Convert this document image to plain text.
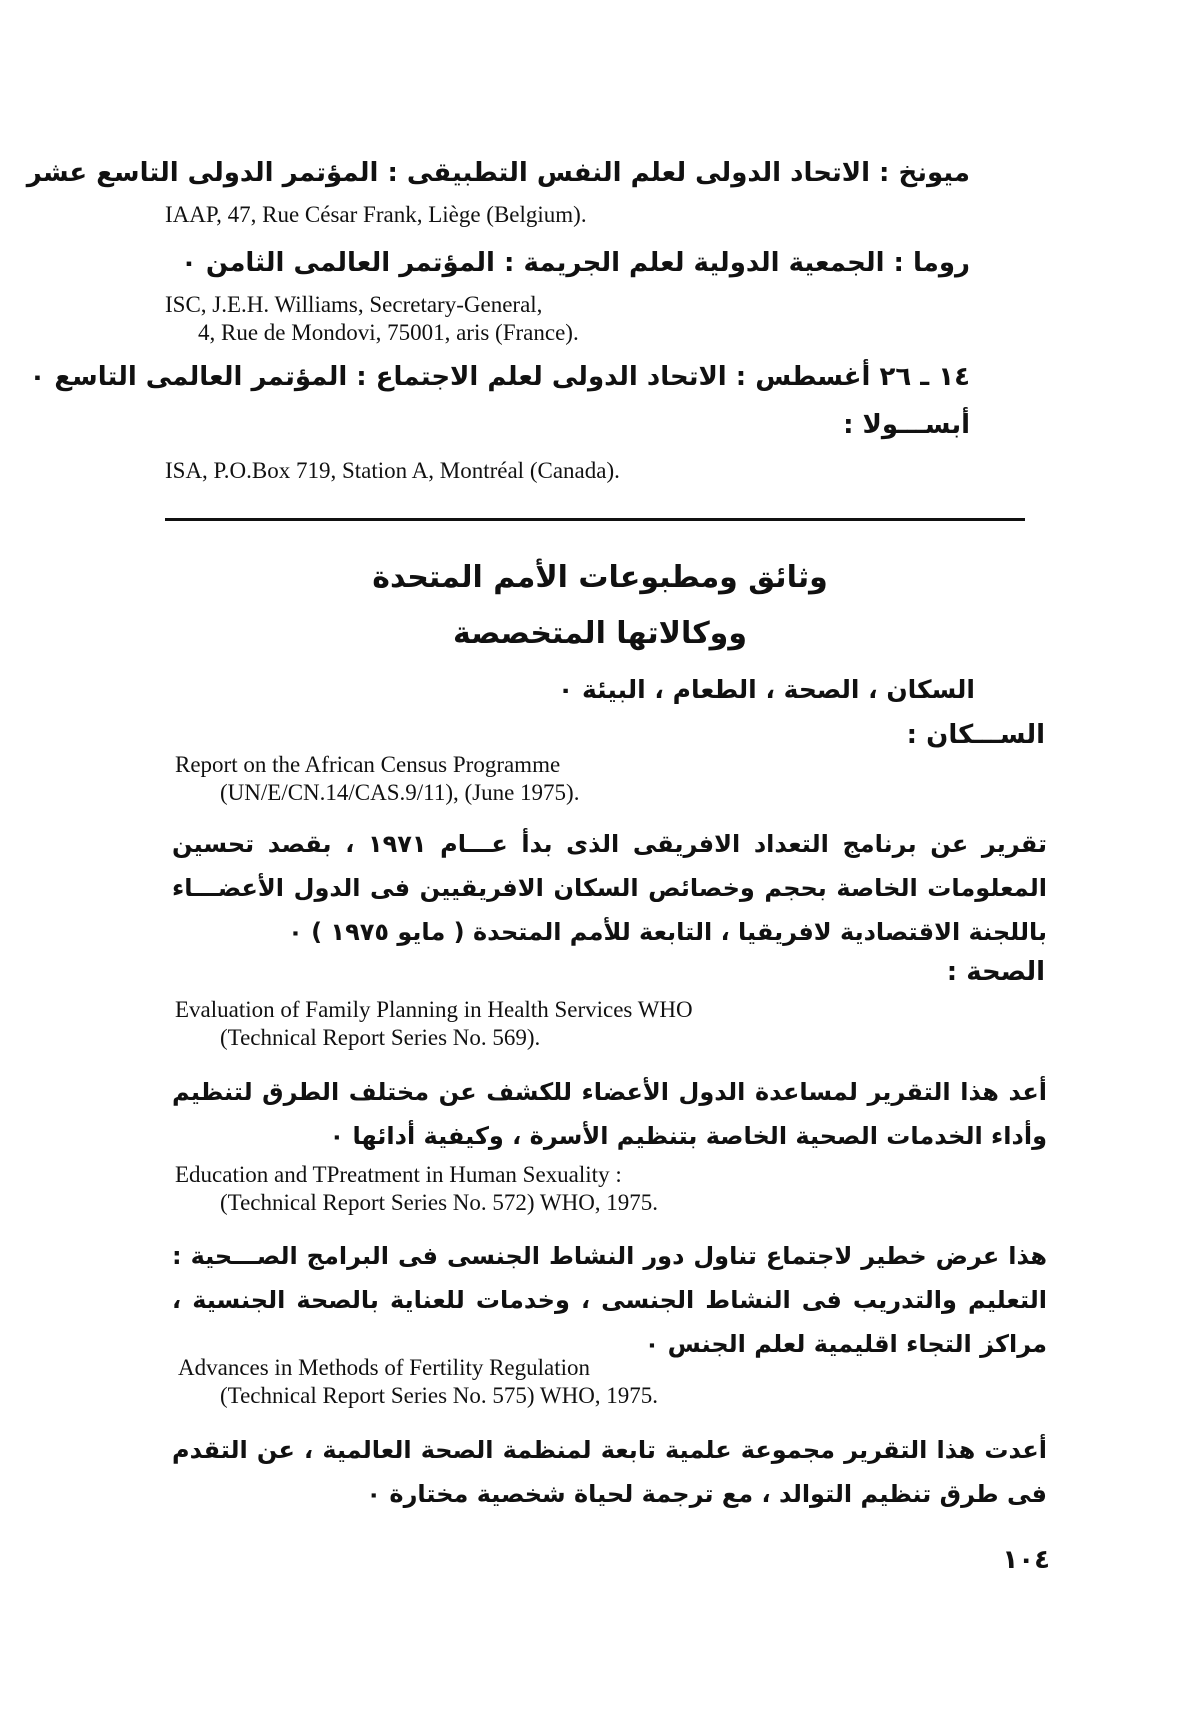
ميونخ : الاتحاد الدولى لعلم النفس التطبيقى : المؤتمر الدولى التاسع عشر
IAAP, 47, Rue César Frank, Liège (Belgium).
روما : الجمعية الدولية لعلم الجريمة : المؤتمر العالمى الثامن ٠
ISC, J.E.H. Williams, Secretary-General,
4, Rue de Mondovi, 75001, aris (France).
١٤ ـ ٢٦ أغسطس : الاتحاد الدولى لعلم الاجتماع : المؤتمر العالمى التاسع ٠
أبســـولا :
ISA, P.O.Box 719, Station A, Montréal (Canada).
وثائق ومطبوعات الأمم المتحدة
ووكالاتها المتخصصة
السكان ، الصحة ، الطعام ، البيئة ٠
الســـكان :
Report on the African Census Programme
(UN/E/CN.14/CAS.9/11), (June 1975).
تقرير عن برنامج التعداد الافريقى الذى بدأ عـــام ١٩٧١ ، بقصد تحسين المعلومات الخاصة بحجم وخصائص السكان الافريقيين فى الدول الأعضـــاء باللجنة الاقتصادية لافريقيا ، التابعة للأمم المتحدة ( مايو ١٩٧٥ ) ٠
الصحة :
Evaluation of Family Planning in Health Services WHO
(Technical Report Series No. 569).
أعد هذا التقرير لمساعدة الدول الأعضاء للكشف عن مختلف الطرق لتنظيم وأداء الخدمات الصحية الخاصة بتنظيم الأسرة ، وكيفية أدائها ٠
Education and TPreatment in Human Sexuality :
(Technical Report Series No. 572) WHO, 1975.
هذا عرض خطير لاجتماع تناول دور النشاط الجنسى فى البرامج الصـــحية : التعليم والتدريب فى النشاط الجنسى ، وخدمات للعناية بالصحة الجنسية ، مراكز التجاء اقليمية لعلم الجنس ٠
Advances in Methods of Fertility Regulation
(Technical Report Series No. 575) WHO, 1975.
أعدت هذا التقرير مجموعة علمية تابعة لمنظمة الصحة العالمية ، عن التقدم فى طرق تنظيم التوالد ، مع ترجمة لحياة شخصية مختارة ٠
١٠٤
